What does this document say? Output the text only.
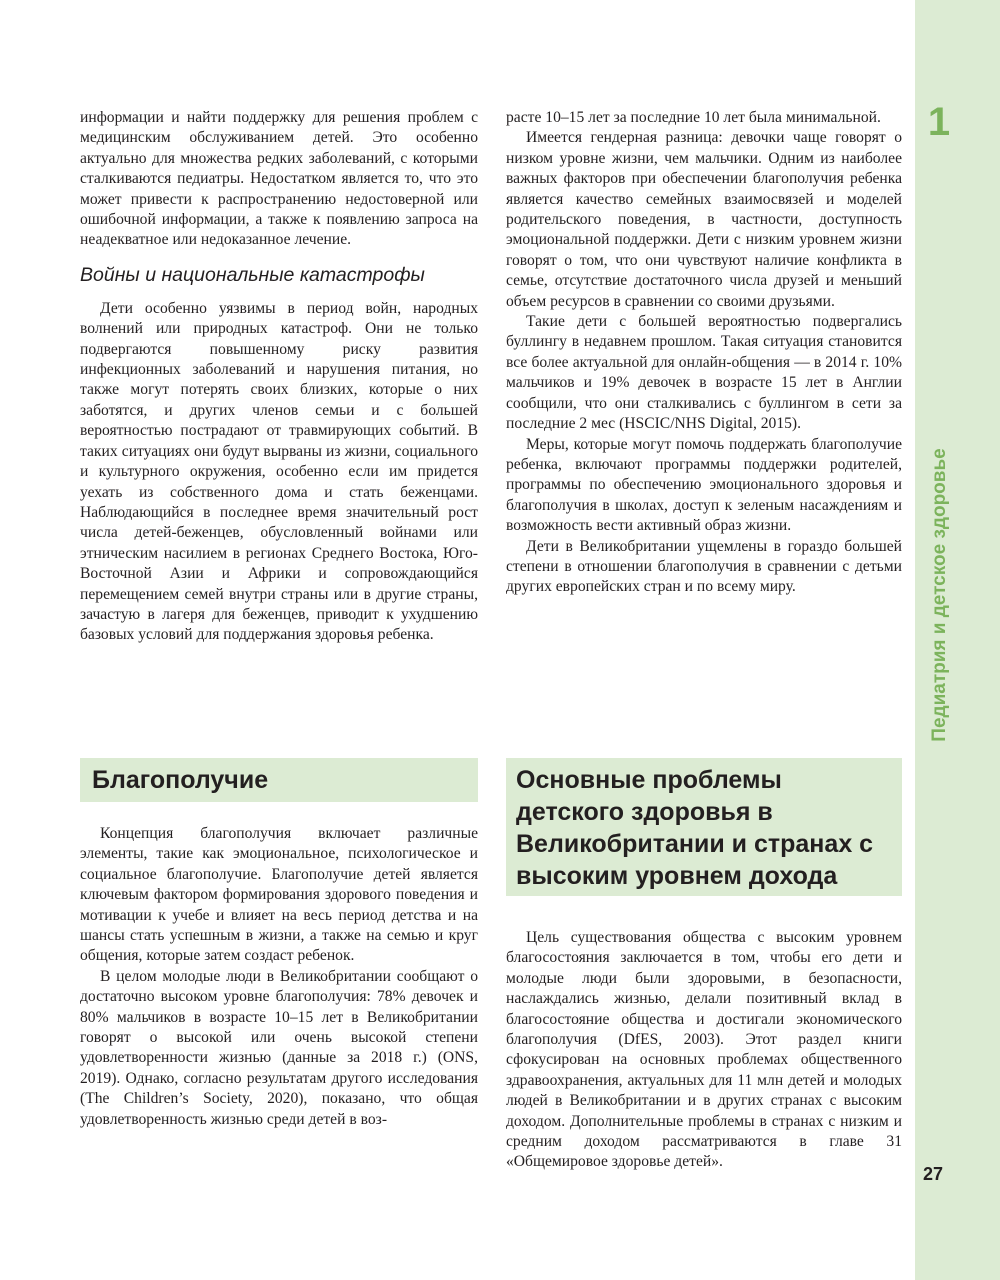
1
Педиатрия и детское здоровье
27

информации и найти поддержку для решения проблем с медицинским обслуживанием детей. Это особенно актуально для множества редких заболеваний, с которыми сталкиваются педиатры. Недостатком является то, что это может привести к распространению недостоверной или ошибочной информации, а также к появлению запроса на неадекватное или недоказанное лечение.

Войны и национальные катастрофы

Дети особенно уязвимы в период войн, народных волнений или природных катастроф. Они не только подвергаются повышенному риску развития инфекционных заболеваний и нарушения питания, но также могут потерять своих близких, которые о них заботятся, и других членов семьи и с большей вероятностью пострадают от травмирующих событий. В таких ситуациях они будут вырваны из жизни, социального и культурного окружения, особенно если им придется уехать из собственного дома и стать беженцами. Наблюдающийся в последнее время значительный рост числа детей-беженцев, обусловленный войнами или этническим насилием в регионах Среднего Востока, Юго-Восточной Азии и Африки и сопровождающийся перемещением семей внутри страны или в другие страны, зачастую в лагеря для беженцев, приводит к ухудшению базовых условий для поддержания здоровья ребенка.

расте 10–15 лет за последние 10 лет была минимальной.

Имеется гендерная разница: девочки чаще говорят о низком уровне жизни, чем мальчики. Одним из наиболее важных факторов при обеспечении благополучия ребенка является качество семейных взаимосвязей и моделей родительского поведения, в частности, доступность эмоциональной поддержки. Дети с низким уровнем жизни говорят о том, что они чувствуют наличие конфликта в семье, отсутствие достаточного числа друзей и меньший объем ресурсов в сравнении со своими друзьями.

Такие дети с большей вероятностью подвергались буллингу в недавнем прошлом. Такая ситуация становится все более актуальной для онлайн-общения — в 2014 г. 10% мальчиков и 19% девочек в возрасте 15 лет в Англии сообщили, что они сталкивались с буллингом в сети за последние 2 мес (HSCIC/NHS Digital, 2015).

Меры, которые могут помочь поддержать благополучие ребенка, включают программы поддержки родителей, программы по обеспечению эмоционального здоровья и благополучия в школах, доступ к зеленым насаждениям и возможность вести активный образ жизни.

Дети в Великобритании ущемлены в гораздо большей степени в отношении благополучия в сравнении с детьми других европейских стран и по всему миру.

Благополучие	Основные проблемы детского здоровья в Великобритании и странах с высоким уровнем дохода

Концепция благополучия включает различные элементы, такие как эмоциональное, психологическое и социальное благополучие. Благополучие детей является ключевым фактором формирования здорового поведения и мотивации к учебе и влияет на весь период детства и на шансы стать успешным в жизни, а также на семью и круг общения, которые затем создаст ребенок.

В целом молодые люди в Великобритании сообщают о достаточно высоком уровне благополучия: 78% девочек и 80% мальчиков в возрасте 10–15 лет в Великобритании говорят о высокой или очень высокой степени удовлетворенности жизнью (данные за 2018 г.) (ONS, 2019). Однако, согласно результатам другого исследования (The Children’s Society, 2020), показано, что общая удовлетворенность жизнью среди детей в воз-

Цель существования общества с высоким уровнем благосостояния заключается в том, чтобы его дети и молодые люди были здоровыми, в безопасности, наслаждались жизнью, делали позитивный вклад в благосостояние общества и достигали экономического благополучия (DfES, 2003). Этот раздел книги сфокусирован на основных проблемах общественного здравоохранения, актуальных для 11 млн детей и молодых людей в Великобритании и в других странах с высоким доходом. Дополнительные проблемы в странах с низким и средним доходом рассматриваются в главе 31 «Общемировое здоровье детей».
